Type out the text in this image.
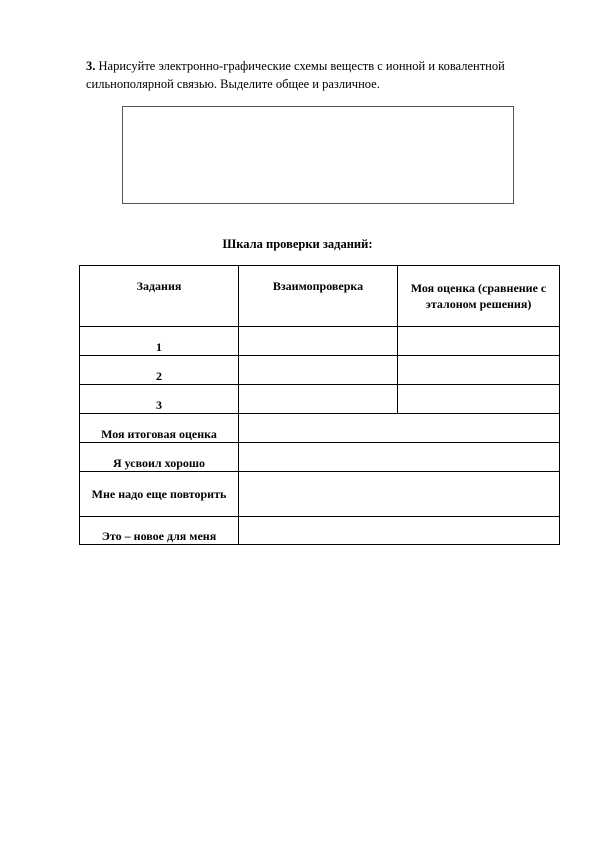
3. Нарисуйте электронно-графические схемы веществ с ионной и ковалентной сильнополярной связью. Выделите общее и различное.
Шкала проверки заданий:
Задания	Взаимопроверка	Моя оценка (сравнение с эталоном решения)
1		
2		
3		
Моя итоговая оценка		
Я усвоил хорошо		
Мне надо еще повторить		
Это – новое для меня		
